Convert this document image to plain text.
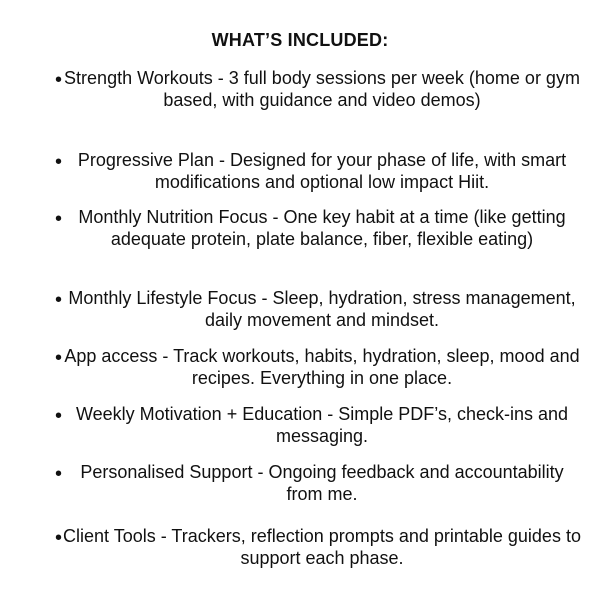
WHAT’S INCLUDED:
• Strength Workouts - 3 full body sessions per week (home or gym based, with guidance and video demos)
• Progressive Plan - Designed for your phase of life, with smart modifications and optional low impact Hiit.
• Monthly Nutrition Focus - One key habit at a time (like getting adequate protein, plate balance, fiber, flexible eating)
• Monthly Lifestyle Focus - Sleep, hydration, stress management, daily movement and mindset.
• App access - Track workouts, habits, hydration, sleep, mood and recipes. Everything in one place.
• Weekly Motivation + Education - Simple PDF’s, check-ins and messaging.
•	Personalised Support - Ongoing feedback and accountability from me.
• Client Tools - Trackers, reflection prompts and printable guides to support each phase.
